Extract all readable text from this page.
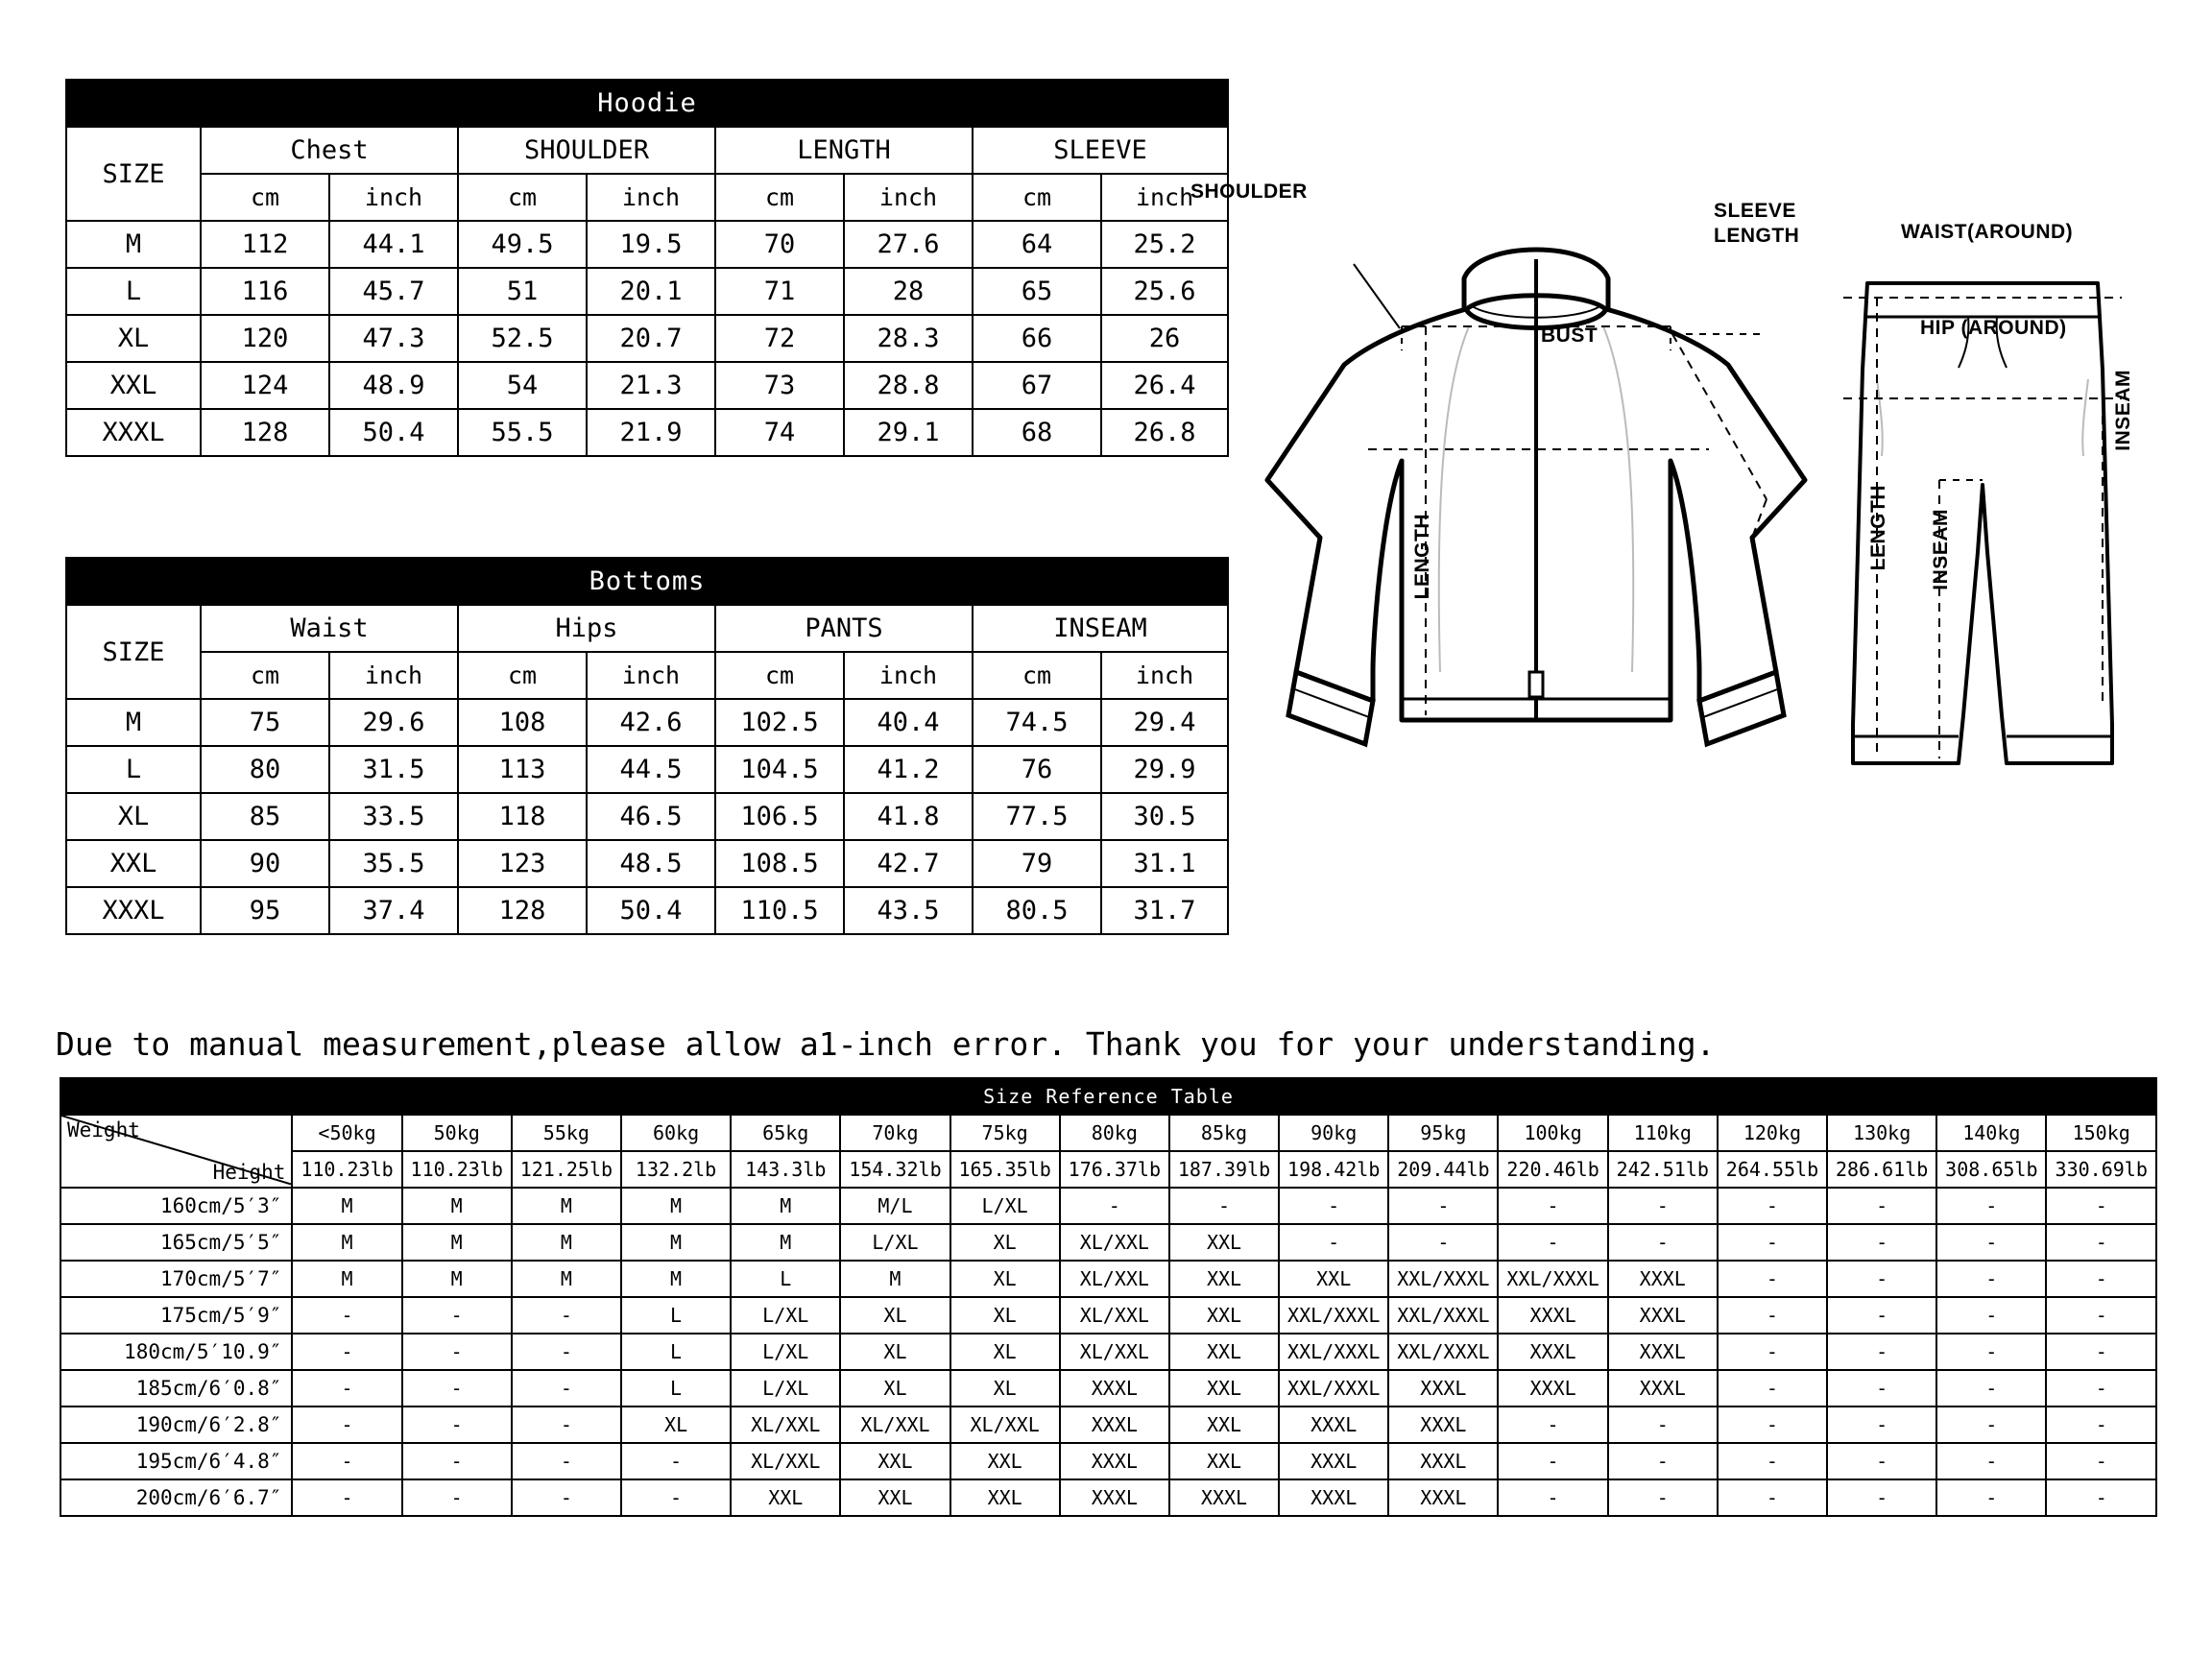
Hoodie								
SIZE	Chest		SHOULDER		LENGTH		SLEEVE	
	cm	inch	cm	inch	cm	inch	cm	inch
M	112	44.1	49.5	19.5	70	27.6	64	25.2
L	116	45.7	51	20.1	71	28	65	25.6
XL	120	47.3	52.5	20.7	72	28.3	66	26
XXL	124	48.9	54	21.3	73	28.8	67	26.4
XXXL	128	50.4	55.5	21.9	74	29.1	68	26.8
Bottoms								
SIZE	Waist		Hips		PANTS		INSEAM	
	cm	inch	cm	inch	cm	inch	cm	inch
M	75	29.6	108	42.6	102.5	40.4	74.5	29.4
L	80	31.5	113	44.5	104.5	41.2	76	29.9
XL	85	33.5	118	46.5	106.5	41.8	77.5	30.5
XXL	90	35.5	123	48.5	108.5	42.7	79	31.1
XXXL	95	37.4	128	50.4	110.5	43.5	80.5	31.7
Due to manual measurement,please allow a1-inch error. Thank you for your understanding.
SHOULDER
SLEEVE
LENGTH
BUST
LENGTH
WAIST(AROUND)
HIP (AROUND)
LENGTH INSEAM
INSEAM
Size Reference Table																	

Weight
Height	<50kg	50kg	55kg	60kg	65kg	70kg	75kg	80kg	85kg	90kg	95kg	100kg	110kg	120kg	130kg	140kg	150kg
	110.23lb	110.23lb	121.25lb	132.2lb	143.3lb	154.32lb	165.35lb	176.37lb	187.39lb	198.42lb	209.44lb	220.46lb	242.51lb	264.55lb	286.61lb	308.65lb	330.69lb
160cm/5′3″	M	M	M	M	M	M/L	L/XL	-	-	-	-	-	-	-	-	-	-
165cm/5′5″	M	M	M	M	M	L/XL	XL	XL/XXL	XXL	-	-	-	-	-	-	-	-
170cm/5′7″	M	M	M	M	L	M	XL	XL/XXL	XXL	XXL	XXL/XXXL	XXL/XXXL	XXXL	-	-	-	-
175cm/5′9″	-	-	-	L	L/XL	XL	XL	XL/XXL	XXL	XXL/XXXL	XXL/XXXL	XXXL	XXXL	-	-	-	-
180cm/5′10.9″	-	-	-	L	L/XL	XL	XL	XL/XXL	XXL	XXL/XXXL	XXL/XXXL	XXXL	XXXL	-	-	-	-
185cm/6′0.8″	-	-	-	L	L/XL	XL	XL	XXXL	XXL	XXL/XXXL	XXXL	XXXL	XXXL	-	-	-	-
190cm/6′2.8″	-	-	-	XL	XL/XXL	XL/XXL	XL/XXL	XXXL	XXL	XXXL	XXXL	-	-	-	-	-	-
195cm/6′4.8″	-	-	-	-	XL/XXL	XXL	XXL	XXXL	XXL	XXXL	XXXL	-	-	-	-	-	-
200cm/6′6.7″	-	-	-	-	XXL	XXL	XXL	XXXL	XXXL	XXXL	XXXL	-	-	-	-	-	-
